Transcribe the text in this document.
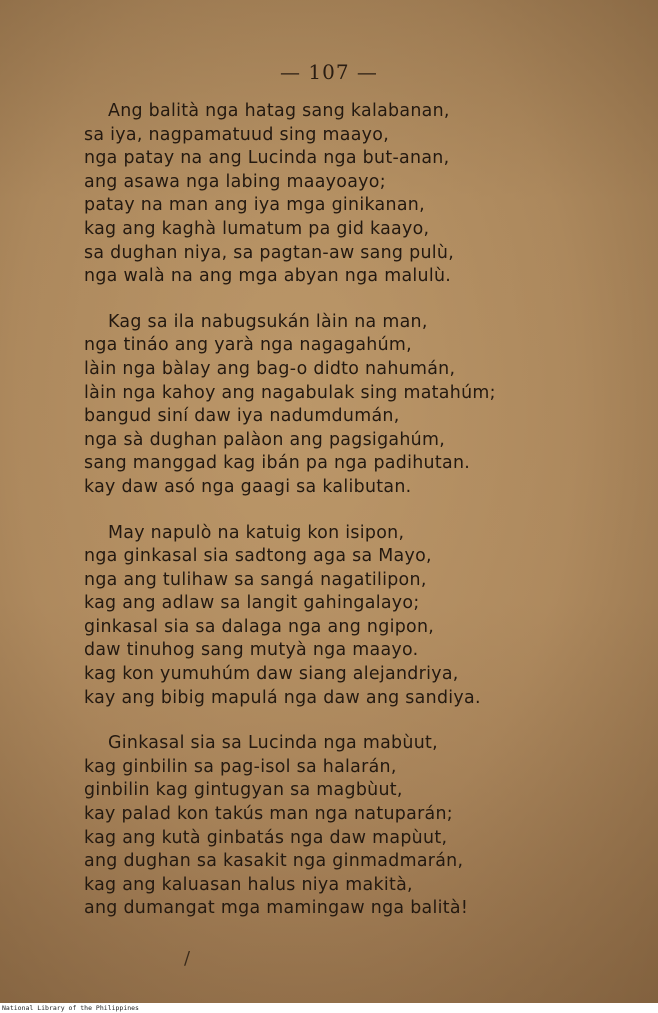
— 107 —
Ang balità nga hatag sang kalabanan,
sa iya, nagpamatuud sing maayo,
nga patay na ang Lucinda nga but-anan,
ang asawa nga labing maayoayo;
patay na man ang iya mga ginikanan,
kag ang kaghà lumatum pa gid kaayo,
sa dughan niya, sa pagtan-aw sang pulù,
nga walà na ang mga abyan nga malulù.
Kag sa ila nabugsukán làin na man,
nga tináo ang yarà nga nagagahúm,
làin nga bàlay ang bag-o didto nahumán,
làin nga kahoy ang nagabulak sing matahúm;
bangud siní daw iya nadumdumán,
nga sà dughan palàon ang pagsigahúm,
sang manggad kag ibán pa nga padihutan.
kay daw asó nga gaagi sa kalibutan.
May napulò na katuig kon isipon,
nga ginkasal sia sadtong aga sa Mayo,
nga ang tulihaw sa sangá nagatilipon,
kag ang adlaw sa langit gahingalayo;
ginkasal sia sa dalaga nga ang ngipon,
daw tinuhog sang mutyà nga maayo.
kag kon yumuhúm daw siang alejandriya,
kay ang bibig mapulá nga daw ang sandiya.
Ginkasal sia sa Lucinda nga mabùut,
kag ginbilin sa pag-isol sa halarán,
ginbilin kag gintugyan sa magbùut,
kay palad kon takús man nga natuparán;
kag ang kutà ginbatás nga daw mapùut,
ang dughan sa kasakit nga ginmadmarán,
kag ang kaluasan halus niya makità,
ang dumangat mga mamingaw nga balità!
/
National Library of the Philippines
